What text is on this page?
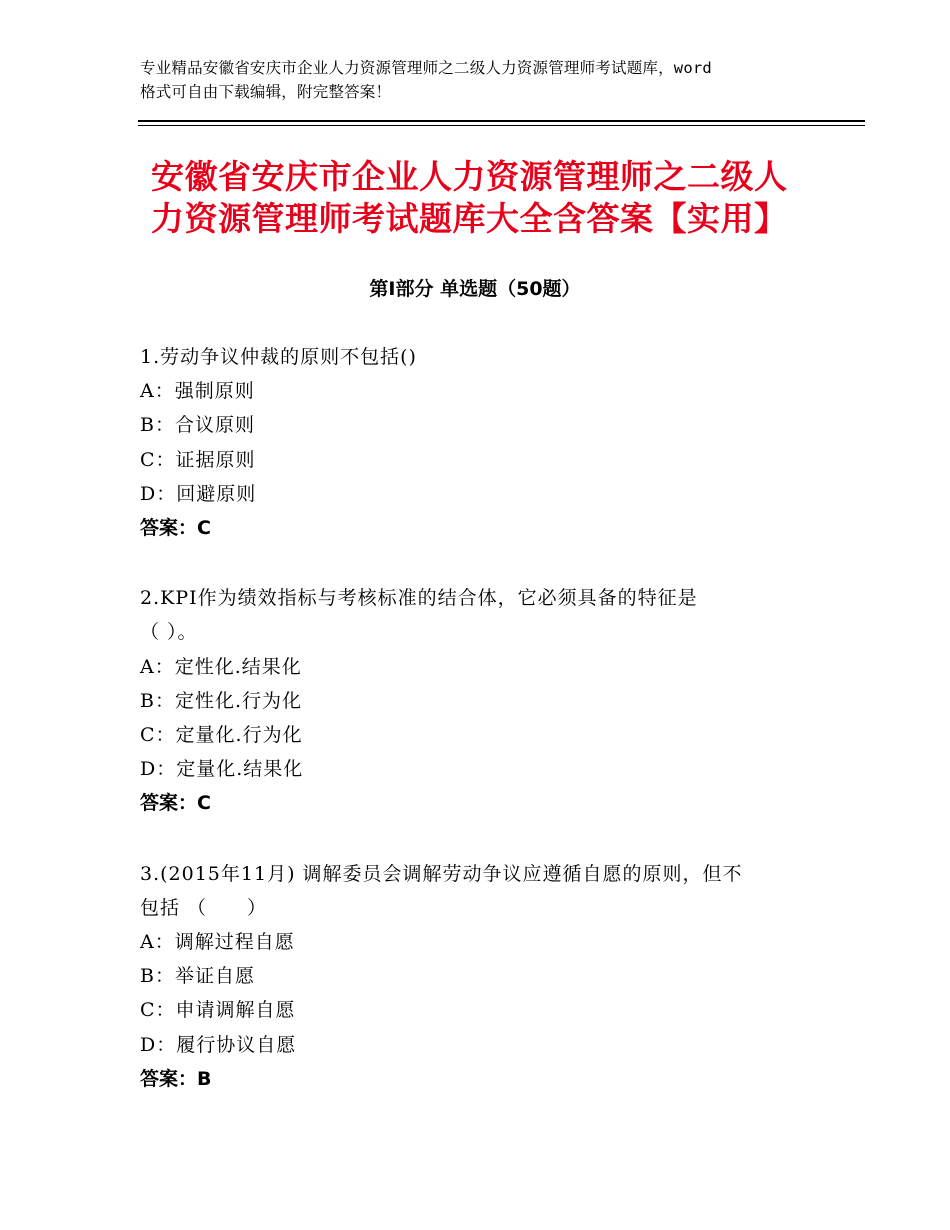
专业精品安徽省安庆市企业人力资源管理师之二级人力资源管理师考试题库，word
格式可自由下载编辑，附完整答案！
安徽省安庆市企业人力资源管理师之二级人
力资源管理师考试题库大全含答案【实用】
第Ⅰ部分 单选题（50题）
1.劳动争议仲裁的原则不包括()
A：强制原则
B：合议原则
C：证据原则
D：回避原则
答案：C
2.KPI作为绩效指标与考核标准的结合体，它必须具备的特征是
（ ）。
A：定性化.结果化
B：定性化.行为化
C：定量化.行为化
D：定量化.结果化
答案：C
3.(2015年11月) 调解委员会调解劳动争议应遵循自愿的原则，但不
包括 （　　）
A：调解过程自愿
B：举证自愿
C：申请调解自愿
D：履行协议自愿
答案：B
